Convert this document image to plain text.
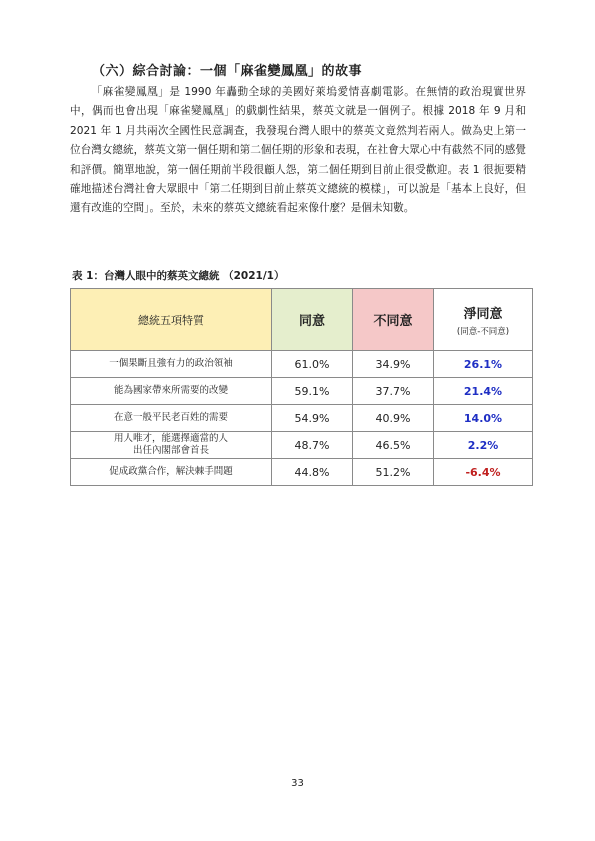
（六）綜合討論：一個「麻雀變鳳凰」的故事
「麻雀變鳳凰」是 1990 年轟動全球的美國好萊塢愛情喜劇電影。在無情的政治現實世界中，偶而也會出現「麻雀變鳳凰」的戲劇性結果，蔡英文就是一個例子。根據 2018 年 9 月和 2021 年 1 月共兩次全國性民意調查，我發現台灣人眼中的蔡英文竟然判若兩人。做為史上第一位台灣女總統，蔡英文第一個任期和第二個任期的形象和表現，在社會大眾心中有截然不同的感覺和評價。簡單地說，第一個任期前半段很顧人怨，第二個任期到目前止很受歡迎。表 1 很扼要精確地描述台灣社會大眾眼中「第二任期到目前止蔡英文總統的模樣」，可以說是「基本上良好，但還有改進的空間」。至於，未來的蔡英文總統看起來像什麼？是個未知數。
表 1：台灣人眼中的蔡英文總統 （2021/1）
總統五項特質	同意	不同意	淨同意
(同意-不同意)

一個果斷且強有力的政治領袖	61.0%	34.9%	26.1%
能為國家帶來所需要的改變	59.1%	37.7%	21.4%
在意一般平民老百姓的需要	54.9%	40.9%	14.0%
用人唯才，能選擇適當的人
出任內閣部會首長	48.7%	46.5%	2.2%
促成政黨合作，解決棘手問題	44.8%	51.2%	-6.4%
33
